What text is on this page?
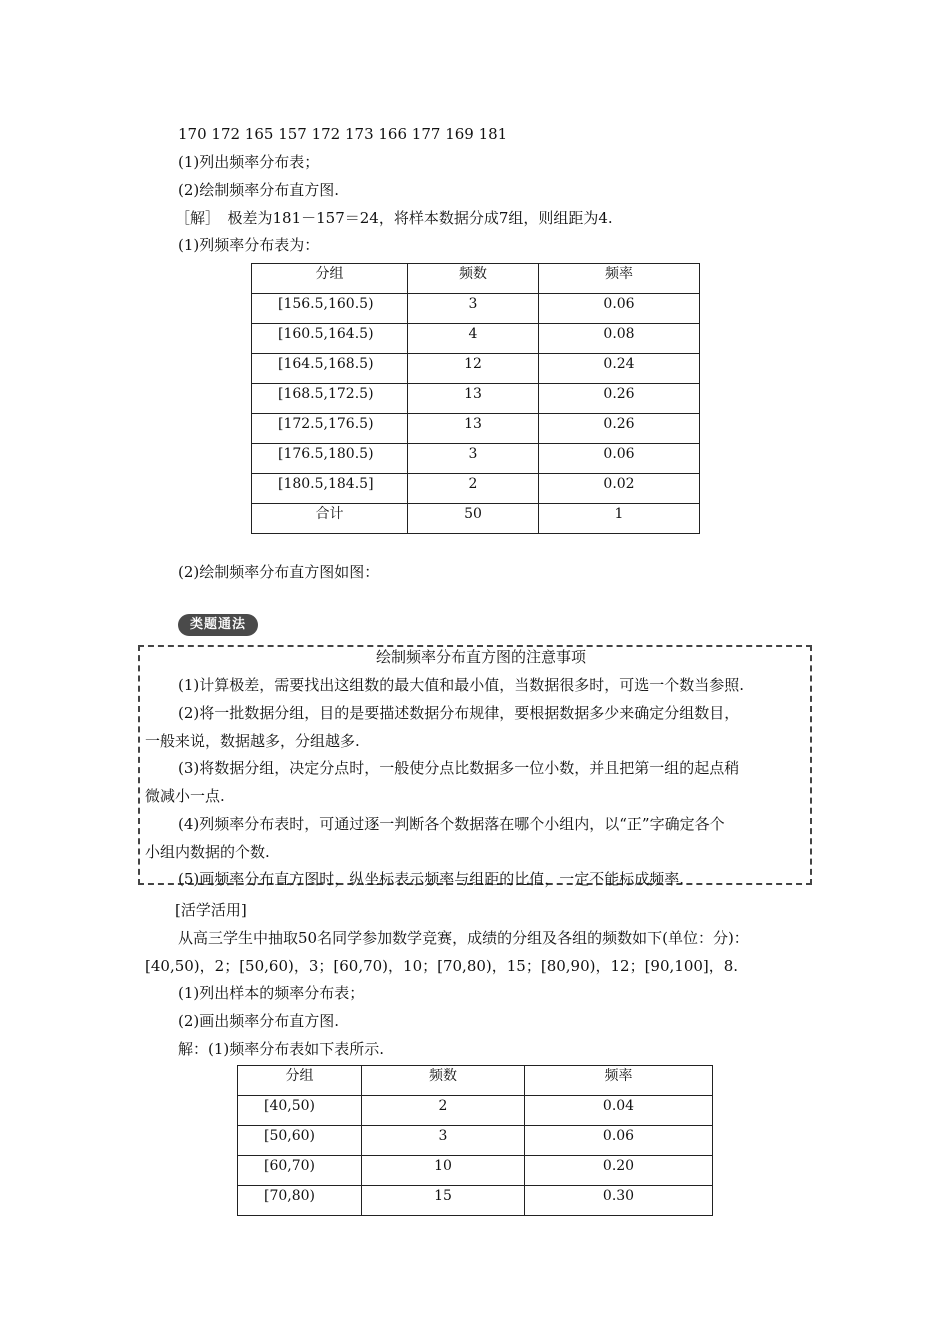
170 172 165 157 172 173 166 177 169 181
(1)列出频率分布表；
(2)绘制频率分布直方图.
［解］　极差为181－157＝24，将样本数据分成7组，则组距为4.
(1)列频率分布表为：
分组	频数	频率
[156.5,160.5)	3	0.06
[160.5,164.5)	4	0.08
[164.5,168.5)	12	0.24
[168.5,172.5)	13	0.26
[172.5,176.5)	13	0.26
[176.5,180.5)	3	0.06
[180.5,184.5]	2	0.02
合计	50	1
(2)绘制频率分布直方图如图：
类题通法
绘制频率分布直方图的注意事项
(1)计算极差，需要找出这组数的最大值和最小值，当数据很多时，可选一个数当参照.
(2)将一批数据分组，目的是要描述数据分布规律，要根据数据多少来确定分组数目，
一般来说，数据越多，分组越多.
(3)将数据分组，决定分点时，一般使分点比数据多一位小数，并且把第一组的起点稍
微减小一点.
(4)列频率分布表时，可通过逐一判断各个数据落在哪个小组内，以“正”字确定各个
小组内数据的个数.
(5)画频率分布直方图时，纵坐标表示频率与组距的比值，一定不能标成频率.
[活学活用]
从高三学生中抽取50名同学参加数学竞赛，成绩的分组及各组的频数如下(单位：分)：
[40,50)，2；[50,60)，3；[60,70)，10；[70,80)，15；[80,90)，12；[90,100]，8.
(1)列出样本的频率分布表；
(2)画出频率分布直方图.
解：(1)频率分布表如下表所示.
分组	频数	频率
[40,50)	2	0.04
[50,60)	3	0.06
[60,70)	10	0.20
[70,80)	15	0.30
